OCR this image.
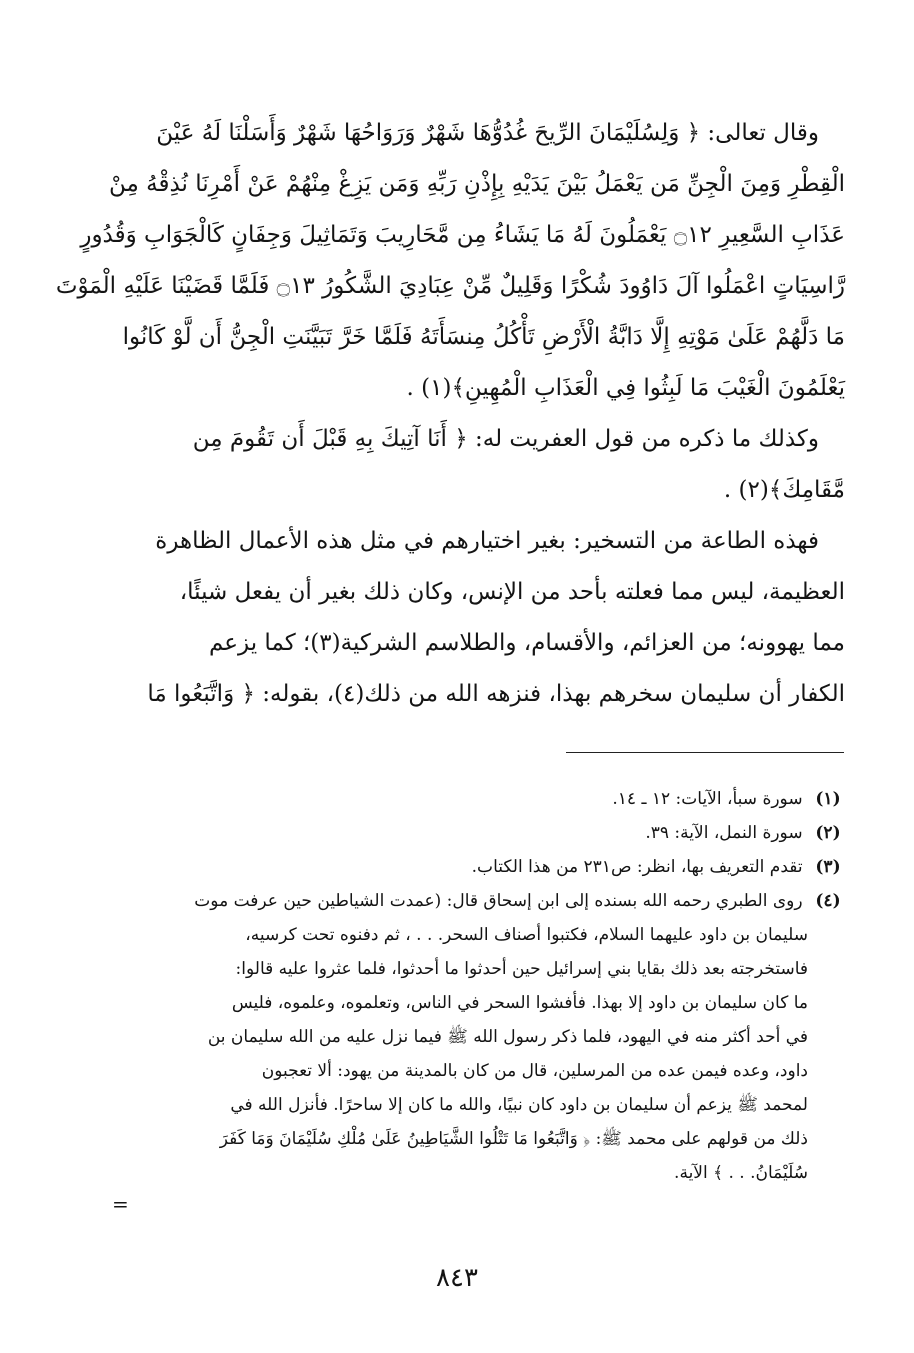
وقال تعالى: ﴿ وَلِسُلَيْمَانَ الرِّيحَ غُدُوُّهَا شَهْرٌ وَرَوَاحُهَا شَهْرٌ وَأَسَلْنَا لَهُ عَيْنَ
الْقِطْرِ وَمِنَ الْجِنِّ مَن يَعْمَلُ بَيْنَ يَدَيْهِ بِإِذْنِ رَبِّهِ وَمَن يَزِغْ مِنْهُمْ عَنْ أَمْرِنَا نُذِقْهُ مِنْ
عَذَابِ السَّعِيرِ ۝١٢ يَعْمَلُونَ لَهُ مَا يَشَاءُ مِن مَّحَارِيبَ وَتَمَاثِيلَ وَجِفَانٍ كَالْجَوَابِ وَقُدُورٍ
رَّاسِيَاتٍ اعْمَلُوا آلَ دَاوُودَ شُكْرًا وَقَلِيلٌ مِّنْ عِبَادِيَ الشَّكُورُ ۝١٣ فَلَمَّا قَضَيْنَا عَلَيْهِ الْمَوْتَ
مَا دَلَّهُمْ عَلَىٰ مَوْتِهِ إِلَّا دَابَّةُ الْأَرْضِ تَأْكُلُ مِنسَأَتَهُ فَلَمَّا خَرَّ تَبَيَّنَتِ الْجِنُّ أَن لَّوْ كَانُوا
يَعْلَمُونَ الْغَيْبَ مَا لَبِثُوا فِي الْعَذَابِ الْمُهِينِ﴾(١) .
وكذلك ما ذكره من قول العفريت له: ﴿ أَنَا آتِيكَ بِهِ قَبْلَ أَن تَقُومَ مِن
مَّقَامِكَ﴾(٢) .
فهذه الطاعة من التسخير: بغير اختيارهم في مثل هذه الأعمال الظاهرة
العظيمة، ليس مما فعلته بأحد من الإنس، وكان ذلك بغير أن يفعل شيئًا،
مما يهوونه؛ من العزائم، والأقسام، والطلاسم الشركية(٣)؛ كما يزعم
الكفار أن سليمان سخرهم بهذا، فنزهه الله من ذلك(٤)، بقوله: ﴿ وَاتَّبَعُوا مَا
(١) سورة سبأ، الآيات: ١٢ ـ ١٤.
(٢) سورة النمل، الآية: ٣٩.
(٣) تقدم التعريف بها، انظر: ص٢٣١ من هذا الكتاب.
(٤) روى الطبري رحمه الله بسنده إلى ابن إسحاق قال: (عمدت الشياطين حين عرفت موت
سليمان بن داود عليهما السلام، فكتبوا أصناف السحر. . . ، ثم دفنوه تحت كرسيه،
فاستخرجته بعد ذلك بقايا بني إسرائيل حين أحدثوا ما أحدثوا، فلما عثروا عليه قالوا:
ما كان سليمان بن داود إلا بهذا. فأفشوا السحر في الناس، وتعلموه، وعلموه، فليس
في أحد أكثر منه في اليهود، فلما ذكر رسول الله ﷺ فيما نزل عليه من الله سليمان بن
داود، وعده فيمن عده من المرسلين، قال من كان بالمدينة من يهود: ألا تعجبون
لمحمد ﷺ يزعم أن سليمان بن داود كان نبيًا، والله ما كان إلا ساحرًا. فأنزل الله في
ذلك من قولهم على محمد ﷺ: ﴿ وَاتَّبَعُوا مَا تَتْلُوا الشَّيَاطِينُ عَلَىٰ مُلْكِ سُلَيْمَانَ وَمَا كَفَرَ
سُلَيْمَانُ. . . ﴾ الآية.
=
٨٤٣
